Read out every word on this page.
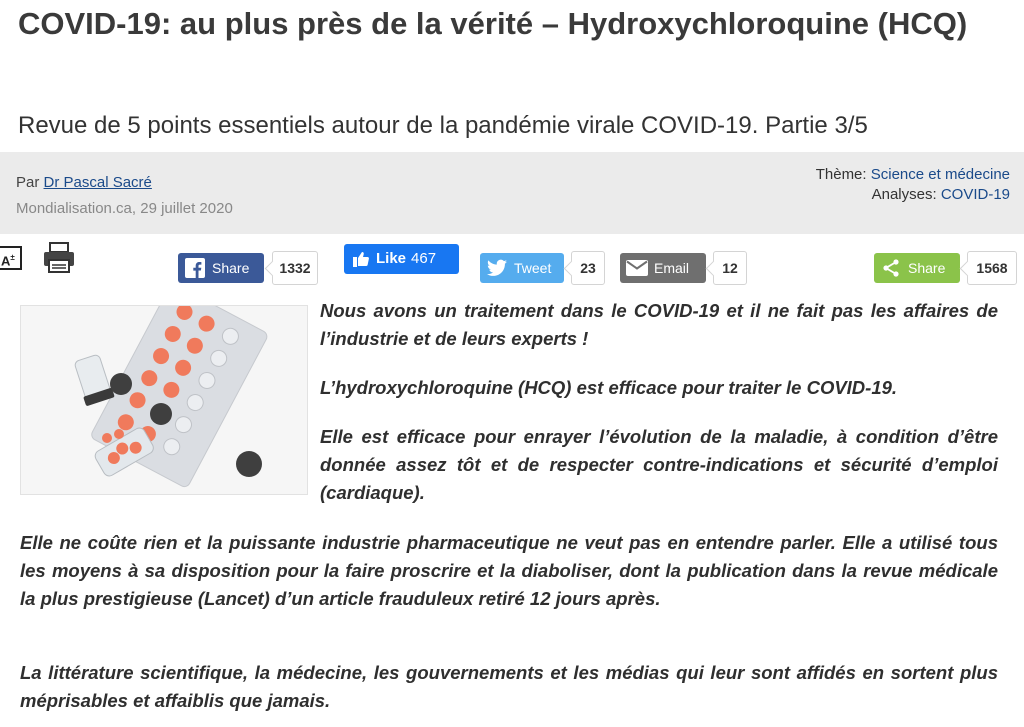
COVID-19: au plus près de la vérité – Hydroxychloroquine (HCQ)
Revue de 5 points essentiels autour de la pandémie virale COVID-19. Partie 3/5
Par Dr Pascal Sacré
Mondialisation.ca, 29 juillet 2020
Thème: Science et médecine
Analyses: COVID-19
A±
Share	1332
Like 467
Tweet	23	Email	12	Share	1568

Nous avons un traitement dans le COVID-19 et il ne fait pas les affaires de l’industrie et de leurs experts !

L’hydroxychloroquine (HCQ) est efficace pour traiter le COVID-19.

Elle est efficace pour enrayer l’évolution de la maladie, à condition d’être donnée assez tôt et de respecter contre-indications et sécurité d’emploi (cardiaque).

Elle ne coûte rien et la puissante industrie pharmaceutique ne veut pas en entendre parler. Elle a utilisé tous les moyens à sa disposition pour la faire proscrire et la diaboliser, dont la publication dans la revue médicale la plus prestigieuse (Lancet) d’un article frauduleux retiré 12 jours après.

La littérature scientifique, la médecine, les gouvernements et les médias qui leur sont affidés en sortent plus méprisables et affaiblis que jamais.
